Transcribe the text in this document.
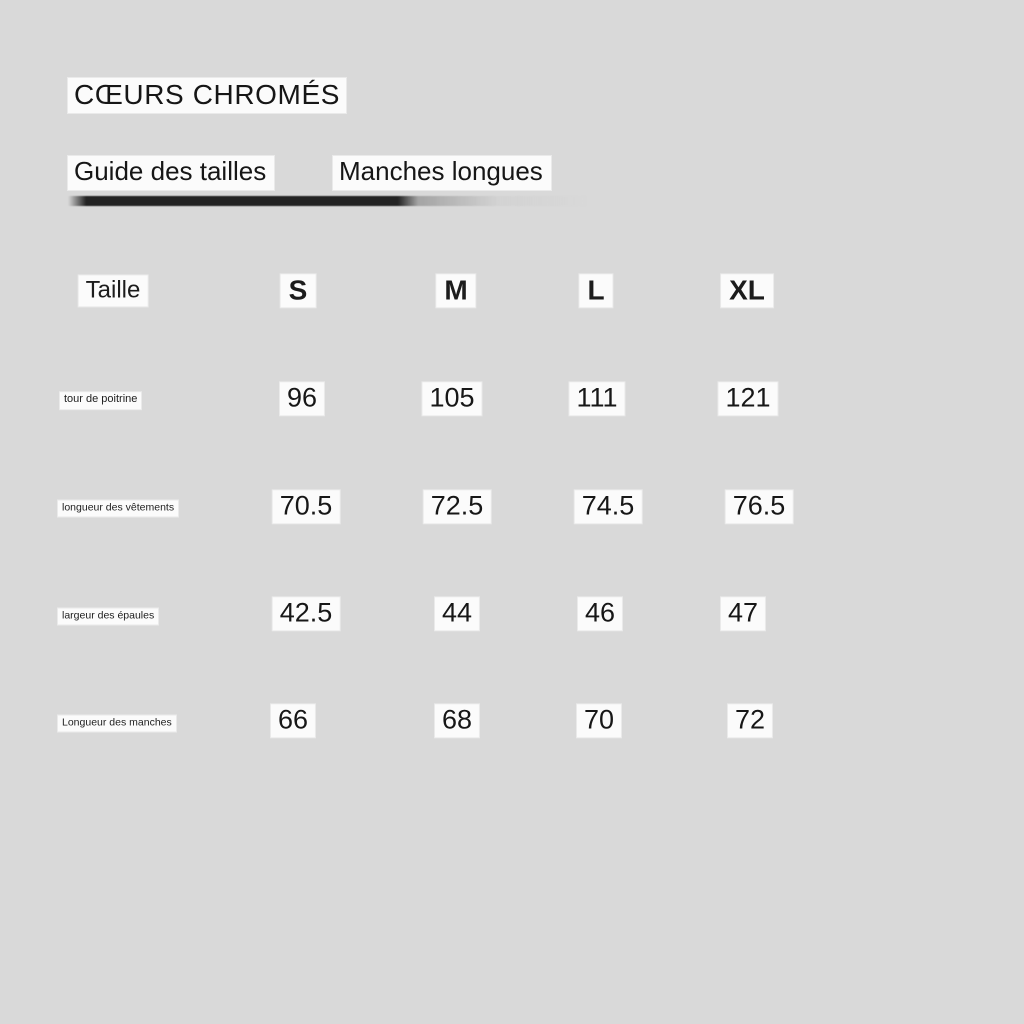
CŒURS CHROMÉS
Guide des tailles	Manches longues
Taille	S	M	L	XL
tour de poitrine	96	105	111	121
longueur des vêtements	70.5	72.5	74.5	76.5
largeur des épaules	42.5	44	46	47
Longueur des manches	66	68	70	72
